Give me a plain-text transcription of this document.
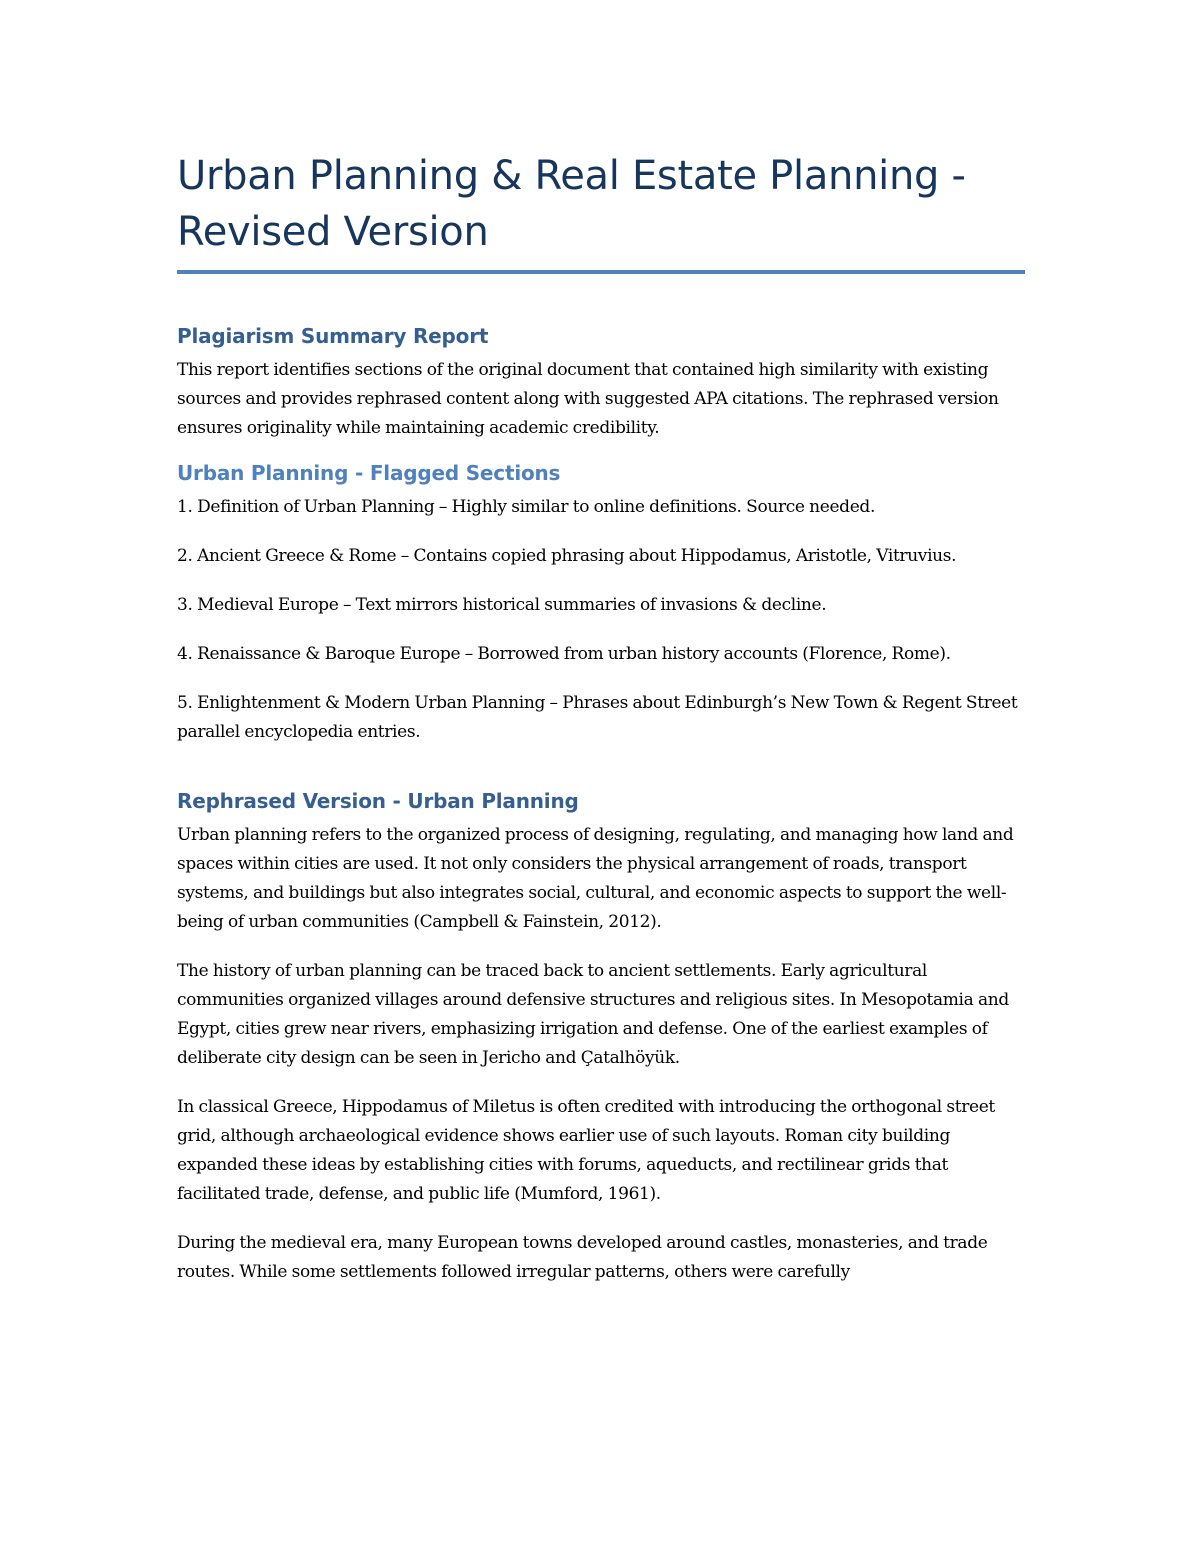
Urban Planning & Real Estate Planning -
Revised Version
Plagiarism Summary Report

This report identifies sections of the original document that contained high similarity with existing sources and provides rephrased content along with suggested APA citations. The rephrased version ensures originality while maintaining academic credibility.

Urban Planning - Flagged Sections

1. Definition of Urban Planning – Highly similar to online definitions. Source needed.

2. Ancient Greece & Rome – Contains copied phrasing about Hippodamus, Aristotle, Vitruvius.

3. Medieval Europe – Text mirrors historical summaries of invasions & decline.

4. Renaissance & Baroque Europe – Borrowed from urban history accounts (Florence, Rome).

5. Enlightenment & Modern Urban Planning – Phrases about Edinburgh’s New Town & Regent Street parallel encyclopedia entries.

Rephrased Version - Urban Planning

Urban planning refers to the organized process of designing, regulating, and managing how land and spaces within cities are used. It not only considers the physical arrangement of roads, transport systems, and buildings but also integrates social, cultural, and economic aspects to support the well-being of urban communities (Campbell & Fainstein, 2012).

The history of urban planning can be traced back to ancient settlements. Early agricultural communities organized villages around defensive structures and religious sites. In Mesopotamia and Egypt, cities grew near rivers, emphasizing irrigation and defense. One of the earliest examples of deliberate city design can be seen in Jericho and Çatalhöyük.

In classical Greece, Hippodamus of Miletus is often credited with introducing the orthogonal street grid, although archaeological evidence shows earlier use of such layouts. Roman city building expanded these ideas by establishing cities with forums, aqueducts, and rectilinear grids that facilitated trade, defense, and public life (Mumford, 1961).

During the medieval era, many European towns developed around castles, monasteries, and trade routes. While some settlements followed irregular patterns, others were carefully
